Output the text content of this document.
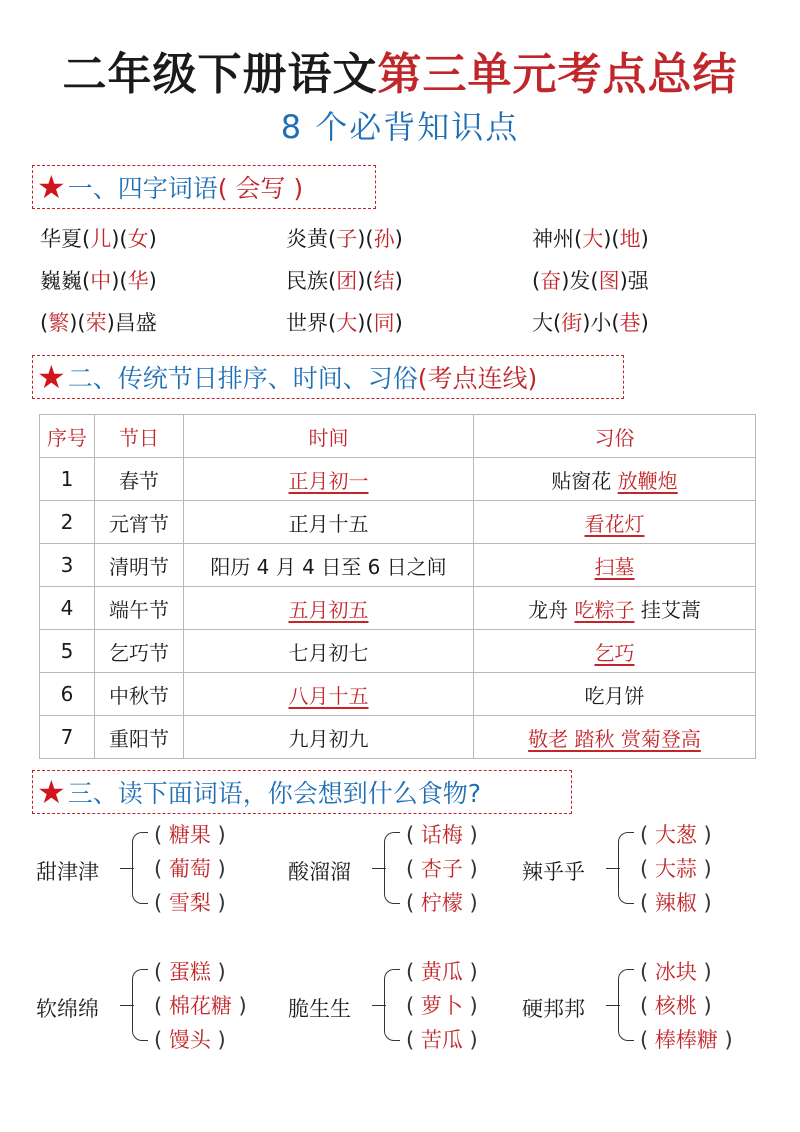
二年级下册语文第三单元考点总结
8 个必背知识点
★ 一、四字词语 ( 会写 )
华夏(儿)(女)	炎黄(子)(孙)	神州(大)(地)
巍巍(中)(华)	民族(团)(结)	(奋)发(图)强
(繁)(荣)昌盛	世界(大)(同)	大(街)小(巷)
★ 二、传统节日排序、时间、习俗 (考点连线)
序号	节日	时间	习俗
1	春节	正月初一	贴窗花 放鞭炮
2	元宵节	正月十五	看花灯
3	清明节	阳历 4 月 4 日至 6 日之间	扫墓
4	端午节	五月初五	龙舟 吃粽子 挂艾蒿
5	乞巧节	七月初七	乞巧
6	中秋节	八月十五	吃月饼
7	重阳节	九月初九	敬老 踏秋 赏菊登高
★ 三、读下面词语，你会想到什么食物?
甜津津
( 糖果 )
( 葡萄 )
( 雪梨 )
酸溜溜
( 话梅 )
( 杏子 )
( 柠檬 )
辣乎乎
( 大葱 )
( 大蒜 )
( 辣椒 )
软绵绵
( 蛋糕 )
( 棉花糖 )
( 馒头 )
脆生生
( 黄瓜 )
( 萝卜 )
( 苦瓜 )
硬邦邦
( 冰块 )
( 核桃 )
( 棒棒糖 )
